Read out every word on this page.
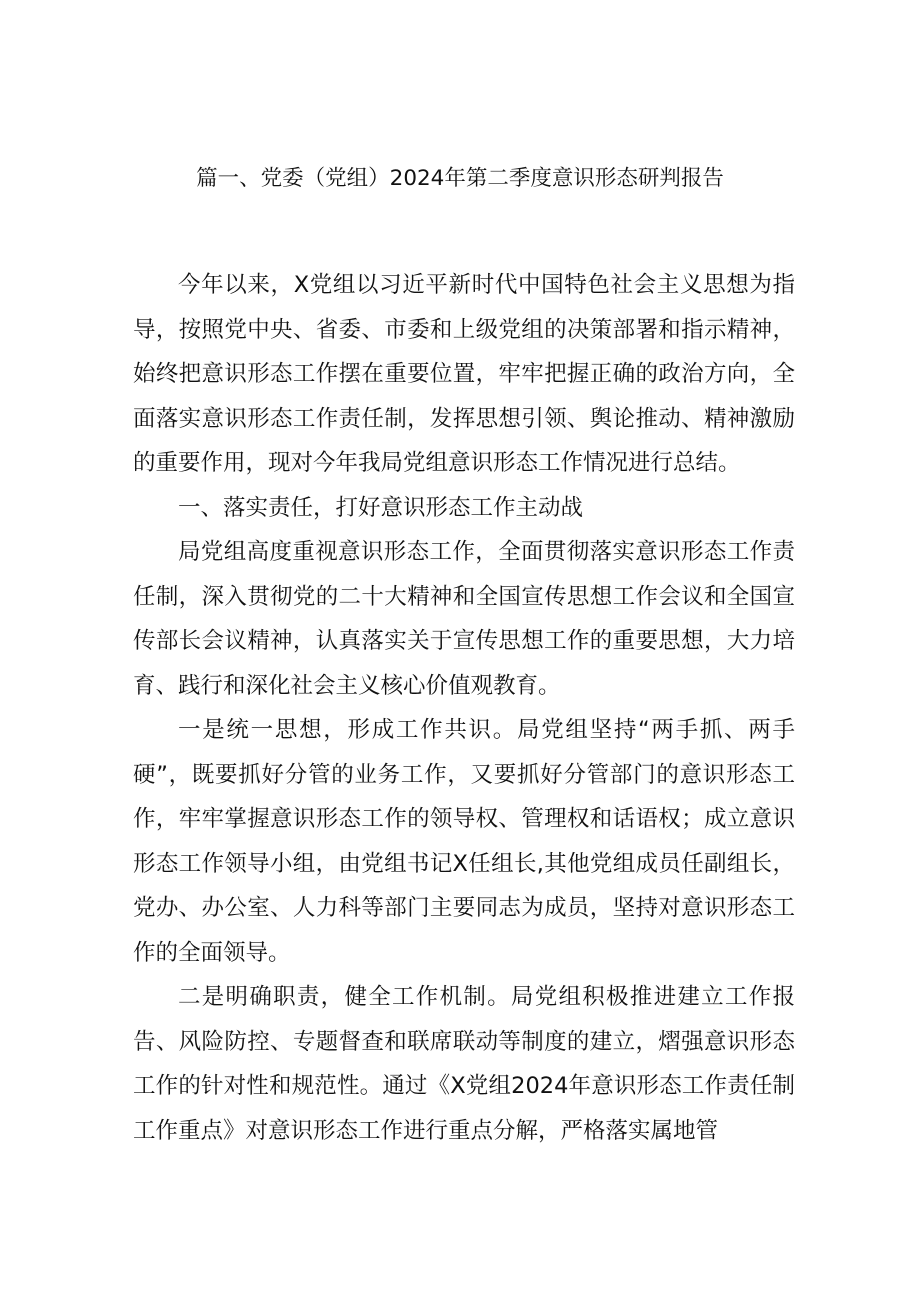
篇一、党委（党组）2024年第二季度意识形态研判报告

今年以来，X党组以习近平新时代中国特色社会主义思想为指导，按照党中央、省委、市委和上级党组的决策部署和指示精神，始终把意识形态工作摆在重要位置，牢牢把握正确的政治方向，全面落实意识形态工作责任制，发挥思想引领、舆论推动、精神激励的重要作用，现对今年我局党组意识形态工作情况进行总结。

一、落实责任，打好意识形态工作主动战

局党组高度重视意识形态工作，全面贯彻落实意识形态工作责任制，深入贯彻党的二十大精神和全国宣传思想工作会议和全国宣传部长会议精神，认真落实关于宣传思想工作的重要思想，大力培育、践行和深化社会主义核心价值观教育。

一是统一思想，形成工作共识。局党组坚持“两手抓、两手硬”，既要抓好分管的业务工作，又要抓好分管部门的意识形态工作，牢牢掌握意识形态工作的领导权、管理权和话语权；成立意识形态工作领导小组，由党组书记X任组长,其他党组成员任副组长，党办、办公室、人力科等部门主要同志为成员，坚持对意识形态工作的全面领导。

二是明确职责，健全工作机制。局党组积极推进建立工作报告、风险防控、专题督查和联席联动等制度的建立，熠强意识形态工作的针对性和规范性。通过《X党组2024年意识形态工作责任制工作重点》对意识形态工作进行重点分解，严格落实属地管
